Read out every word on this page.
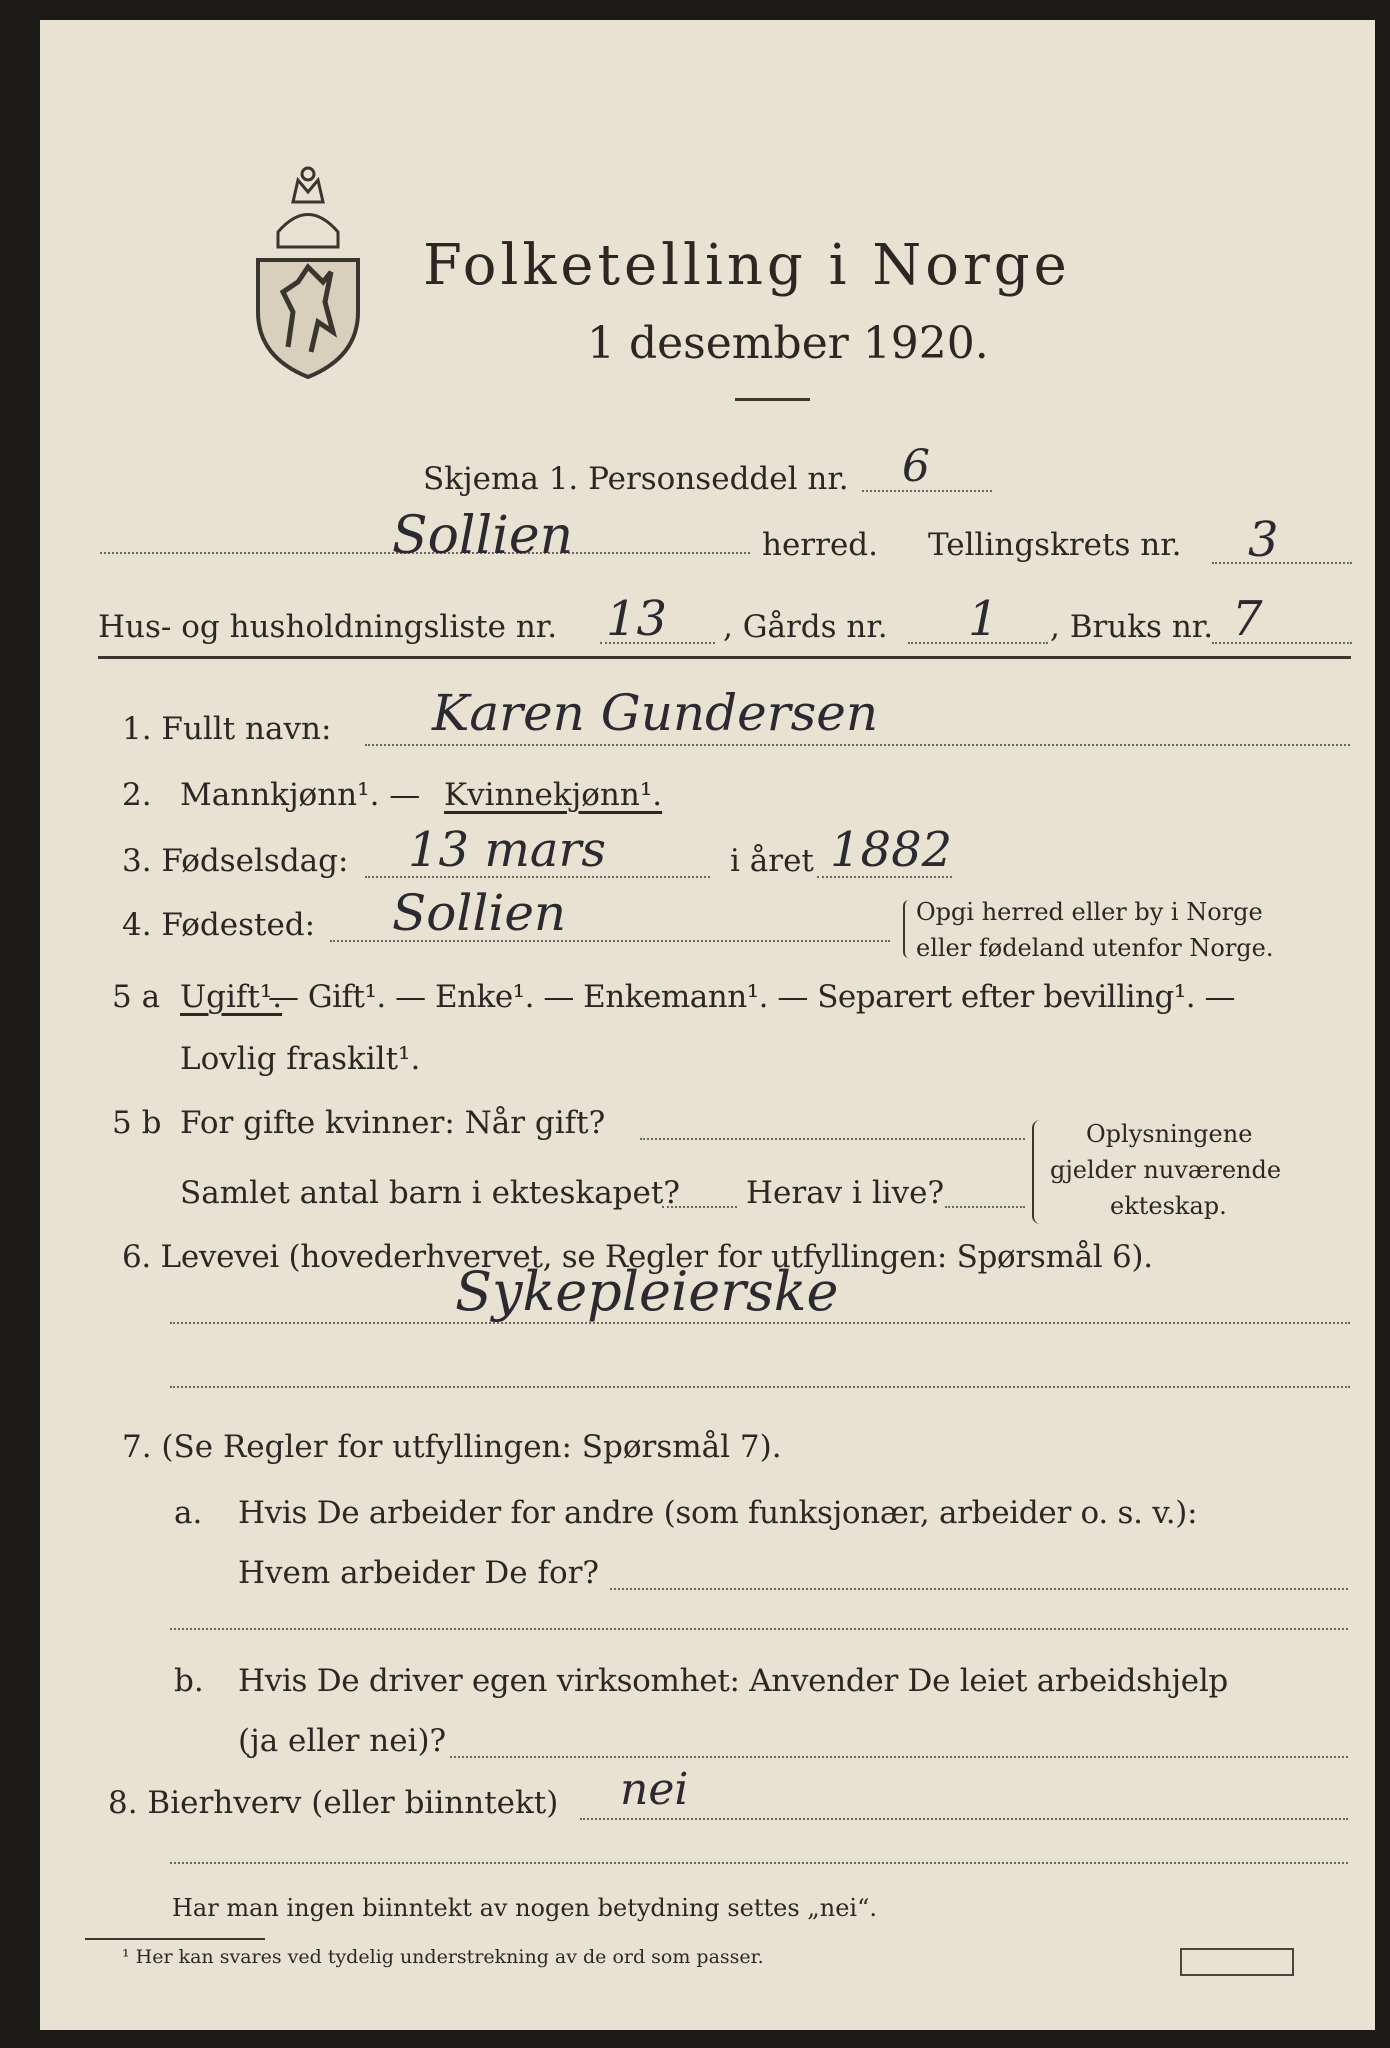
Folketelling i Norge
1 desember 1920.
Skjema 1. Personseddel nr. 6
Sollien	herred. Tellingskrets nr. 3
Hus- og husholdningsliste nr. 13 , Gårds nr. 1 , Bruks nr. 7
1. Fullt navn: Karen Gundersen
2. Mannkjønn¹. — Kvinnekjønn¹.
3. Fødselsdag: 13 mars	i året 1882
4. Fødested: Sollien	Opgi herred eller by i Norge
eller fødeland utenfor Norge.
5 a Ugift¹.
— Gift¹. — Enke¹. — Enkemann¹. — Separert efter bevilling¹. —
Lovlig fraskilt¹.
5 b For gifte kvinner: Når gift?
Samlet antal barn i ekteskapet? Herav i live?
Oplysningene
gjelder nuværende
ekteskap.
6. Levevei (hovederhvervet, se Regler for utfyllingen: Spørsmål 6).
Sykepleierske
7. (Se Regler for utfyllingen: Spørsmål 7).
a. Hvis De arbeider for andre (som funksjonær, arbeider o. s. v.):
Hvem arbeider De for?
b. Hvis De driver egen virksomhet: Anvender De leiet arbeidshjelp
(ja eller nei)?
8. Bierhverv (eller biinntekt) nei
Har man ingen biinntekt av nogen betydning settes „nei“.
¹ Her kan svares ved tydelig understrekning av de ord som passer.
